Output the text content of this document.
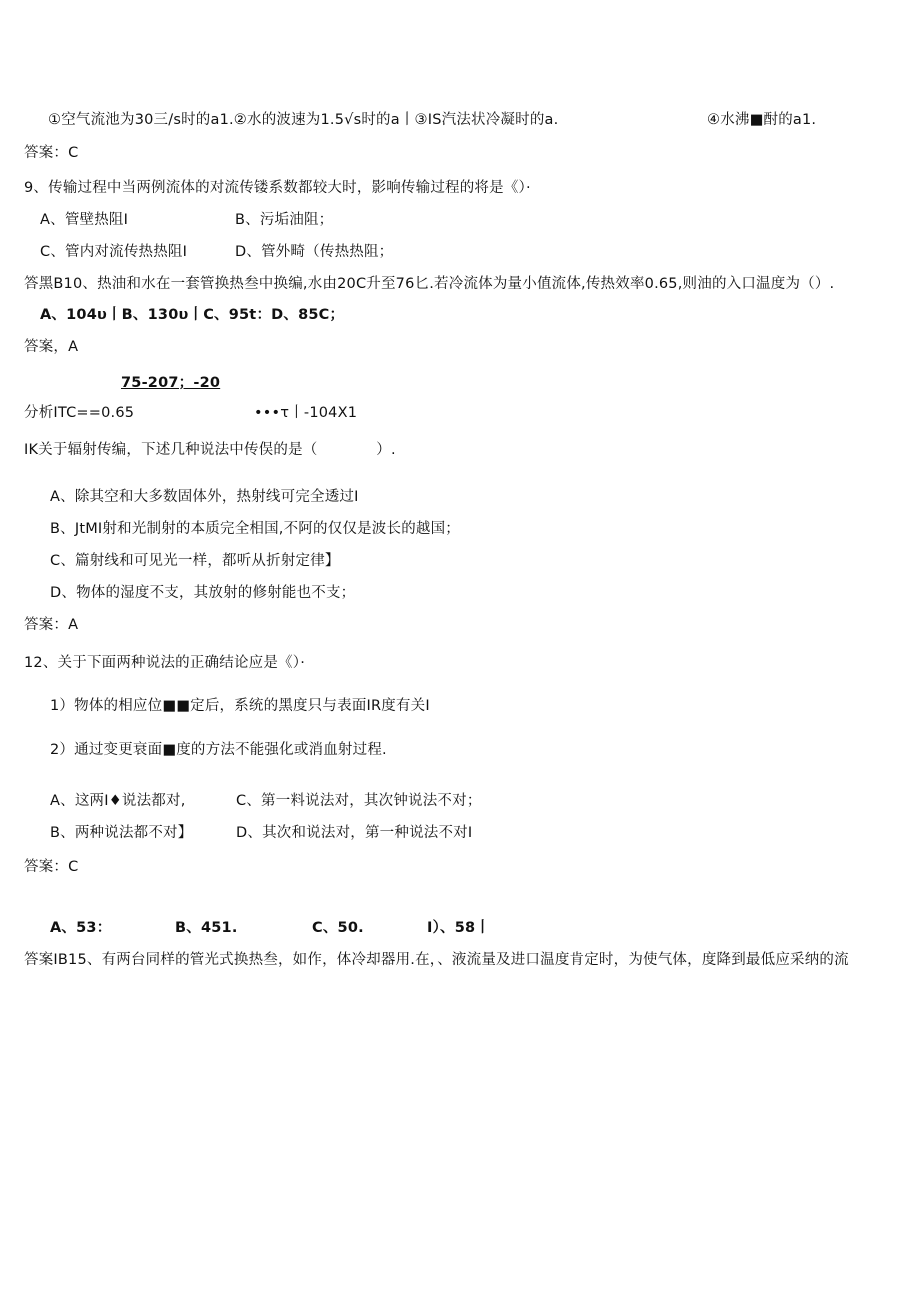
①空气流池为30三∕s时的a1.②水的波速为1.5√s时的a丨③IS汽法状冷凝时的a.	④水沸■酎的a1.
答案：C
9、传输过程中当两例流体的对流传镂系数都较大时，影响传输过程的将是《）·
A、管壁热阻I	B、污垢油阻；
C、管内对流传热热阻I	D、管外畸（传热热阻；
答黑B10、热油和水在一套管换热叁中换编,水由20C升至76匕.若冷流体为量小值流体,传热效率0.65,则油的入口温度为（）.
A、104υ丨B、130υ丨C、95t：D、85C；
答案，A
75-207；-20
分析ITC==0.65	•••τ丨-104X1
IK关于辐射传编，下述几种说法中传俣的是（　　　　）.
A、除其空和大多数固体外，热射线可完全透过I
B、JtMI射和光制射的本质完全相国,不阿的仅仅是波长的越国；
C、篇射线和可见光一样，都听从折射定律】
D、物体的湿度不支，其放射的修射能也不支；
答案：A
12、关于下面两种说法的正确结论应是《）·
1）物体的相应位■■定后，系统的黑度只与表面IR度有关I
2）通过变更衰面■度的方法不能强化或消血射过程.
A、这两I♦说法都对,	C、第一料说法对，其次钟说法不对；
B、两种说法都不对】	D、其次和说法对，第一种说法不对I
答案：C
A、53：	B、451.	C、50.	I）、58丨
答案IB15、有两台同样的管光式换热叁，如作，体冷却器用.在，、液流量及进口温度肯定时，为使气体，度降到最低应采纳的流
